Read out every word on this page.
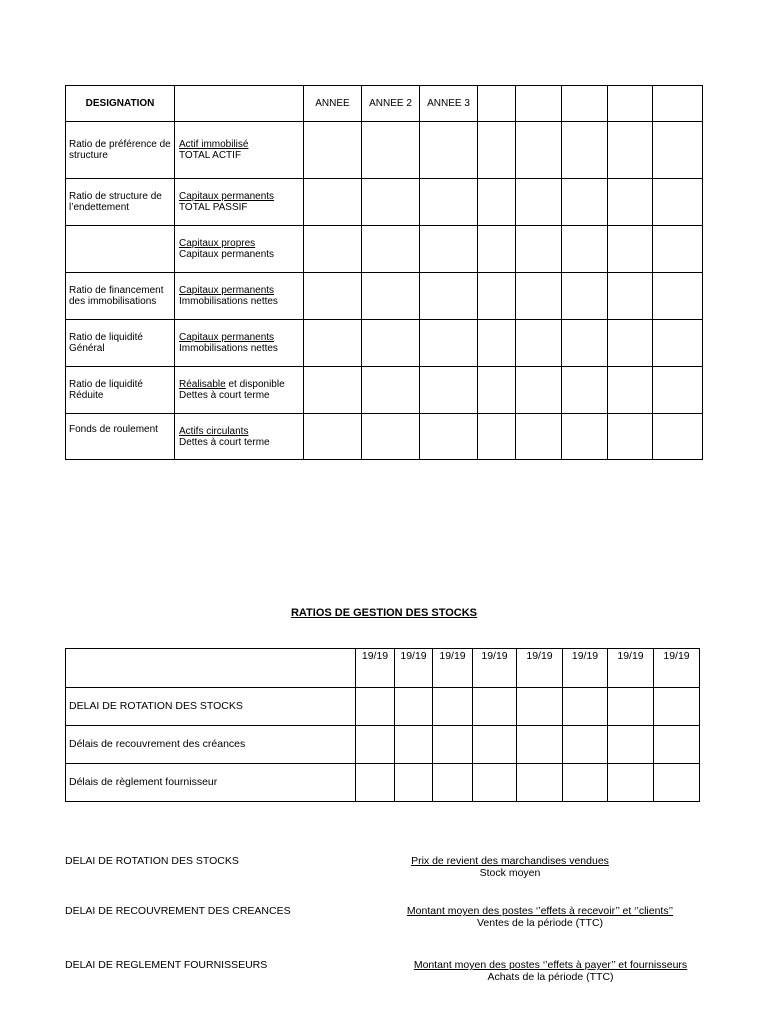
DESIGNATION		ANNEE	ANNEE 2	ANNEE 3					
Ratio de préférence de structure	Actif immobilisé
TOTAL ACTIF								

Ratio de structure de l’endettement	Capitaux permanents
TOTAL PASSIF								

	Capitaux propres
Capitaux permanents								

Ratio de financement des immobilisations	Capitaux permanents
Immobilisations nettes								

Ratio de liquidité Général	Capitaux permanents
Immobilisations nettes								

Ratio de liquidité Réduite	Réalisable et disponible
Dettes à court terme								

Fonds de roulement	Actifs circulants
Dettes à court terme								

RATIOS DE GESTION DES STOCKS
	19/19	19/19	19/19	19/19	19/19	19/19	19/19	19/19
DELAI DE ROTATION DES STOCKS								
Délais de recouvrement des créances								
Délais de règlement fournisseur								
DELAI DE ROTATION DES STOCKS	Prix de revient des marchandises vendues
Stock moyen
DELAI DE RECOUVREMENT DES CREANCES	Montant moyen des postes ‘’effets à recevoir’’ et ‘’clients’’
Ventes de la période (TTC)
DELAI DE REGLEMENT FOURNISSEURS	Montant moyen des postes ‘’effets à payer’’ et fournisseurs
Achats de la période (TTC)
